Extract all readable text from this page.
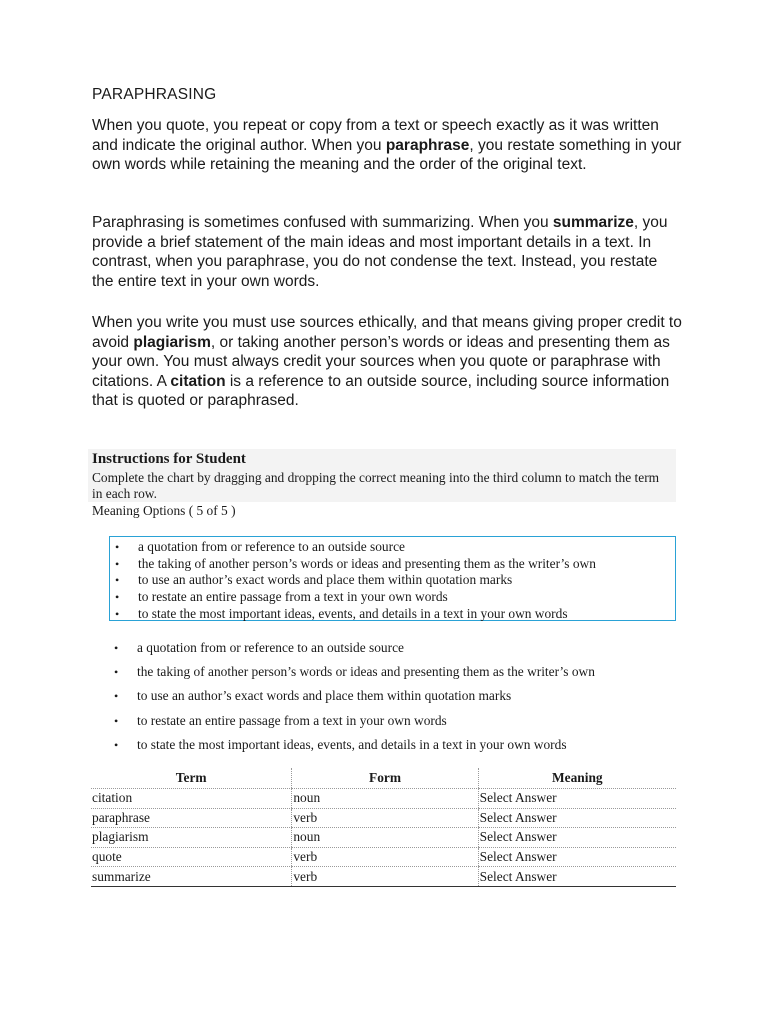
PARAPHRASING

When you quote, you repeat or copy from a text or speech exactly as it was written and indicate the original author. When you paraphrase, you restate something in your own words while retaining the meaning and the order of the original text.

Paraphrasing is sometimes confused with summarizing. When you summarize, you provide a brief statement of the main ideas and most important details in a text. In contrast, when you paraphrase, you do not condense the text. Instead, you restate the entire text in your own words.

When you write you must use sources ethically, and that means giving proper credit to avoid plagiarism, or taking another person’s words or ideas and presenting them as your own. You must always credit your sources when you quote or paraphrase with citations. A citation is a reference to an outside source, including source information that is quoted or paraphrased.

Instructions for Student
Complete the chart by dragging and dropping the correct meaning into the third column to match the term in each row.
Meaning Options ( 5 of 5 )
• a quotation from or reference to an outside source
• the taking of another person’s words or ideas and presenting them as the writer’s own
• to use an author’s exact words and place them within quotation marks
• to restate an entire passage from a text in your own words
• to state the most important ideas, events, and details in a text in your own words
• a quotation from or reference to an outside source
• the taking of another person’s words or ideas and presenting them as the writer’s own
• to use an author’s exact words and place them within quotation marks
• to restate an entire passage from a text in your own words
• to state the most important ideas, events, and details in a text in your own words
Term	Form	Meaning
citation	noun	Select Answer
paraphrase	verb	Select Answer
plagiarism	noun	Select Answer
quote	verb	Select Answer
summarize	verb	Select Answer
